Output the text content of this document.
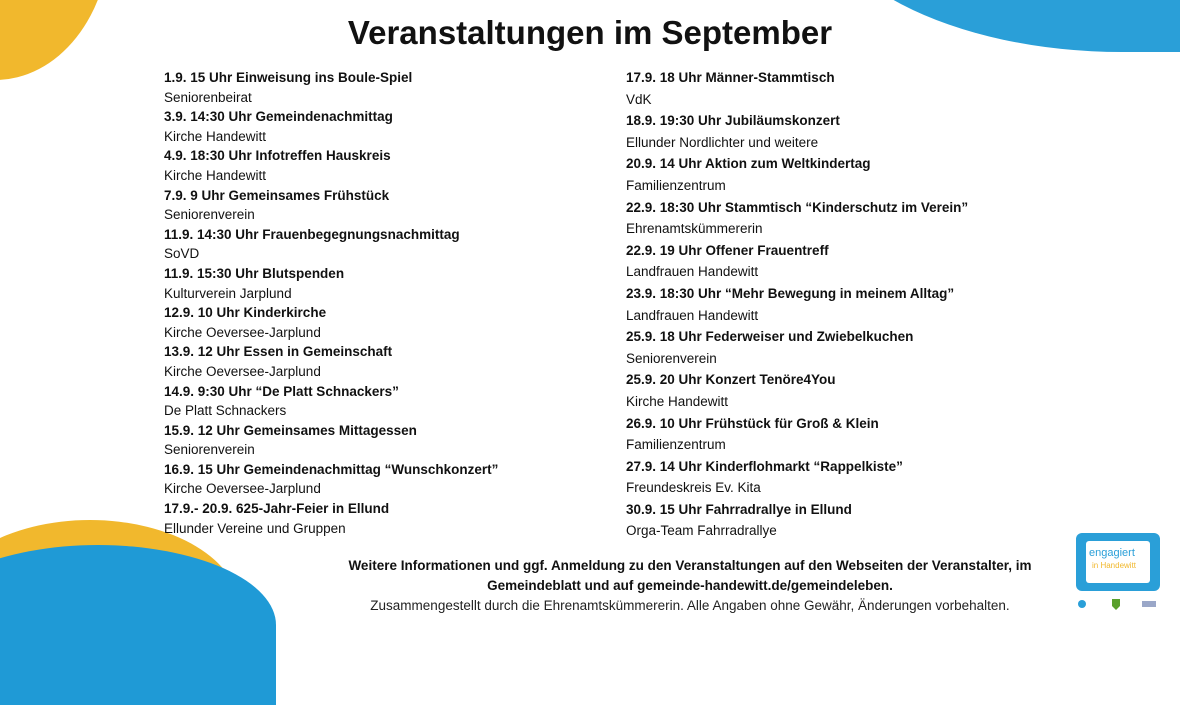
Veranstaltungen im September
1.9. 15 Uhr Einweisung ins Boule-Spiel
Seniorenbeirat
3.9. 14:30 Uhr Gemeindenachmittag
Kirche Handewitt
4.9. 18:30 Uhr Infotreffen Hauskreis
Kirche Handewitt
7.9. 9 Uhr Gemeinsames Frühstück
Seniorenverein
11.9. 14:30 Uhr Frauenbegegnungsnachmittag
SoVD
11.9. 15:30 Uhr Blutspenden
Kulturverein Jarplund
12.9. 10 Uhr Kinderkirche
Kirche Oeversee-Jarplund
13.9. 12 Uhr Essen in Gemeinschaft
Kirche Oeversee-Jarplund
14.9. 9:30 Uhr “De Platt Schnackers”
De Platt Schnackers
15.9. 12 Uhr Gemeinsames Mittagessen
Seniorenverein
16.9. 15 Uhr Gemeindenachmittag “Wunschkonzert”
Kirche Oeversee-Jarplund
17.9.- 20.9. 625-Jahr-Feier in Ellund
Ellunder Vereine und Gruppen
17.9. 18 Uhr Männer-Stammtisch
VdK
18.9. 19:30 Uhr Jubiläumskonzert
Ellunder Nordlichter und weitere
20.9. 14 Uhr Aktion zum Weltkindertag
Familienzentrum
22.9. 18:30 Uhr Stammtisch “Kinderschutz im Verein”
Ehrenamtskümmererin
22.9. 19 Uhr Offener Frauentreff
Landfrauen Handewitt
23.9. 18:30 Uhr “Mehr Bewegung in meinem Alltag”
Landfrauen Handewitt
25.9. 18 Uhr Federweiser und Zwiebelkuchen
Seniorenverein
25.9. 20 Uhr Konzert Tenöre4You
Kirche Handewitt
26.9. 10 Uhr Frühstück für Groß & Klein
Familienzentrum
27.9. 14 Uhr Kinderflohmarkt “Rappelkiste”
Freundeskreis Ev. Kita
30.9. 15 Uhr Fahrradrallye in Ellund
Orga-Team Fahrradrallye
Weitere Informationen und ggf. Anmeldung zu den Veranstaltungen auf den Webseiten der Veranstalter, im
Gemeindeblatt und auf gemeinde-handewitt.de/gemeindeleben.
Zusammengestellt durch die Ehrenamtskümmererin. Alle Angaben ohne Gewähr, Änderungen vorbehalten.
engagiert
in Handewitt
